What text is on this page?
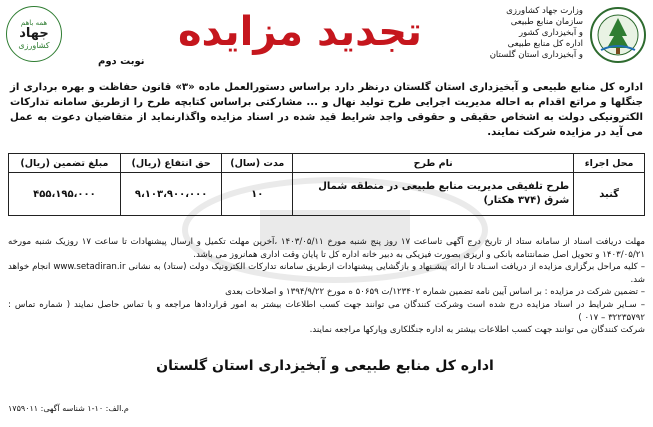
همه باهم
جهاد
کشاورزی
نوبت دوم
تجدید مزایده	وزارت جهاد کشاورزی
سازمان منابع طبیعی
و آبخیزداری کشور
اداره کل منابع طبیعی
و آبخیزداری استان گلستان
اداره کل منابع طبیعی و آبخیزداری استان گلستان درنظر دارد براساس دستورالعمل ماده «۳» قانون حفاظت و بهره برداری از جنگلها و مراتع اقدام به احاله مدیریت اجرایی طرح تولید نهال و ... مشارکتی براساس کتابچه طرح را ازطریق سامانه تدارکات الکترونیکی دولت به اشخاص حقیقی و حقوقی واجد شرایط قید شده در اسناد مزایده واگذارنماید از متقاضیان دعوت به عمل می آید در مزایده شرکت نمایند.
محل اجراء	نام طرح	مدت (سال)	حق انتفاع (ریال)	مبلغ تضمین (ریال)
گنبد	طرح تلفیقی مدیریت منابع طبیعی در منطقه شمال شرق (۳۷۴ هکتار)	۱۰	۹،۱۰۳،۹۰۰،۰۰۰	۴۵۵،۱۹۵،۰۰۰

مهلت دریافت اسناد از سامانه ستاد از تاریخ درج آگهی تاساعت ۱۷ روز پنج شنبه مورخ ۱۴۰۳/۰۵/۱۱ ،آخرین مهلت تکمیل و ارسال پیشنهادات تا ساعت ۱۷ روزیک شنبه مورخه ۱۴۰۳/۰۵/۲۱ و تحویل اصل ضمانتنامه بانکی و اریزی بصورت فیزیکی به دبیر خانه اداره کل تا پایان وقت اداری همانروز می باشد.

– کلیه مراحل برگزاری مزایده از دریافت اسـناد تا ارائه پیشـنهاد و بازگشایی پیشنهادات ازطریق سامانه تدارکات الکترونیک دولت (ستاد) به نشانی www.setadiran.ir انجام خواهد شد.

– تضمین شرکت در مزایده : بر اساس آیین نامه تضمین شماره ۱۲۳۴۰۲/ت ۵۰۶۵۹ ه مورخ ۱۳۹۴/۹/۲۲ و اصلاحات بعدی

– سـایر شرایط در اسناد مزایده درج شده است وشرکت کنندگان می توانند جهت کسب اطلاعات بیشتر به امور قراردادها مراجعه و با تماس حاصل نمایند ( شماره تماس : ۳۲۲۳۵۷۹۲ – ۰۱۷ )

شرکت کنندگان می توانند جهت کسب اطلاعات بیشتر به اداره جنگلکاری وپارکها مراجعه نمایند.

اداره کل منابع طبیعی و آبخیزداری استان گلستان
م.الف: ۱۰-۱ شناسه آگهی: ۱۷۵۹۰۱۱
